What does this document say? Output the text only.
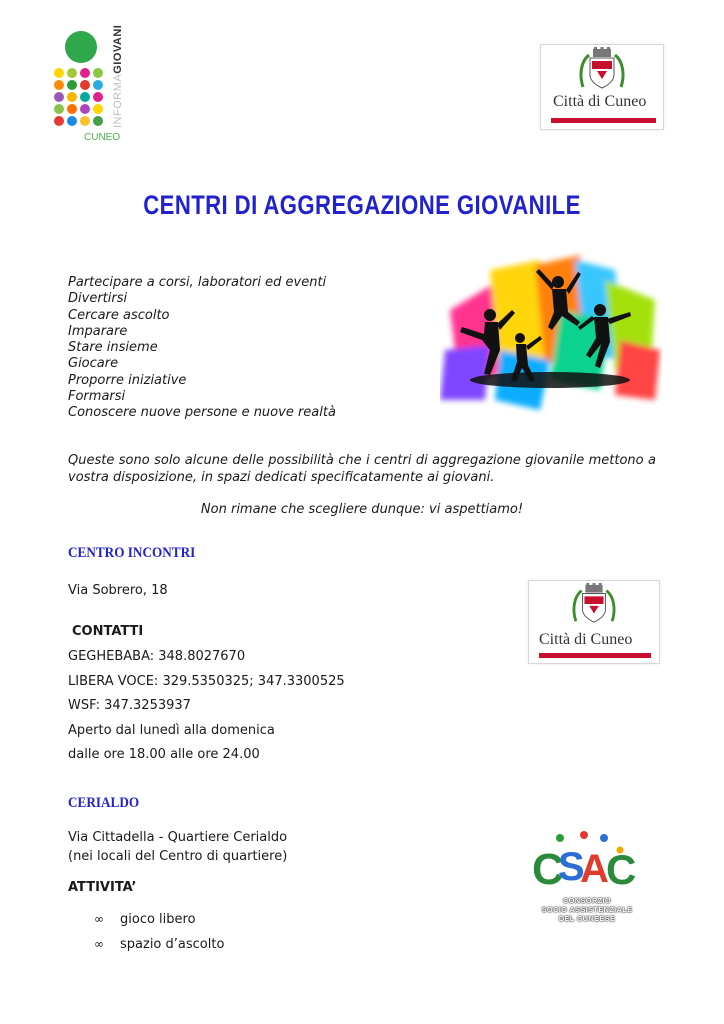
INFORMAGIOVANI
CUNEO
Città di Cuneo
CENTRI DI AGGREGAZIONE GIOVANILE
Partecipare a corsi, laboratori ed eventi
Divertirsi
Cercare ascolto
Imparare
Stare insieme
Giocare
Proporre iniziative
Formarsi
Conoscere nuove persone e nuove realtà
Queste sono solo alcune delle possibilità che i centri di aggregazione giovanile mettono a vostra disposizione, in spazi dedicati specificatamente ai giovani.
Non rimane che scegliere dunque: vi aspettiamo!
CENTRO INCONTRI
Via Sobrero, 18
CONTATTI
GEGHEBABA: 348.8027670
LIBERA VOCE: 329.5350325; 347.3300525
WSF: 347.3253937
Aperto dal lunedì alla domenica
dalle ore 18.00 alle ore 24.00
Città di Cuneo
CERIALDO
Via Cittadella - Quartiere Cerialdo
(nei locali del Centro di quartiere)
ATTIVITA’
∞ gioco libero
∞ spazio d’ascolto
C
S
A
C
CONSORZIO
SOCIO ASSISTENZIALE
DEL CUNEESE
